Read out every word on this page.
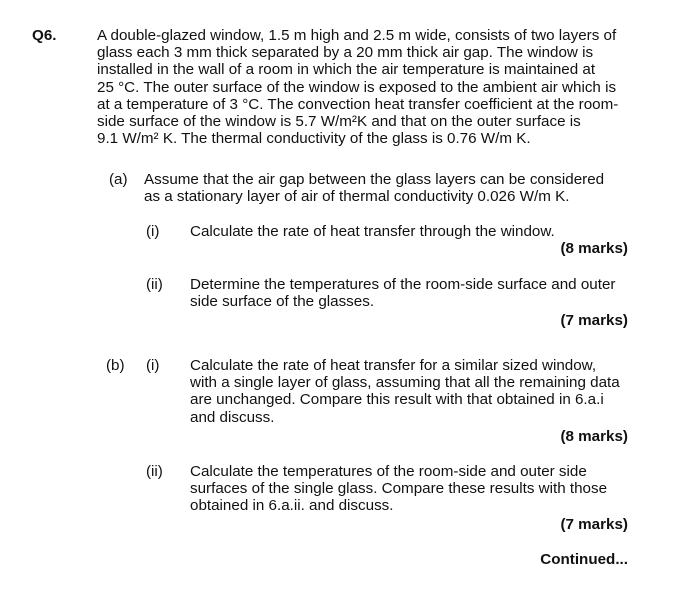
Q6.	A double-glazed window, 1.5 m high and 2.5 m wide, consists of two layers of
glass each 3 mm thick separated by a 20 mm thick air gap. The window is
installed in the wall of a room in which the air temperature is maintained at
25 °C. The outer surface of the window is exposed to the ambient air which is
at a temperature of 3 °C. The convection heat transfer coefficient at the room-
side surface of the window is 5.7 W/m²K and that on the outer surface is
9.1 W/m² K. The thermal conductivity of the glass is 0.76 W/m K.
(a) Assume that the air gap between the glass layers can be considered
as a stationary layer of air of thermal conductivity 0.026 W/m K.
(i) Calculate the rate of heat transfer through the window.
(8 marks)
(ii) Determine the temperatures of the room-side surface and outer
side surface of the glasses.
(7 marks)
(b) (i) Calculate the rate of heat transfer for a similar sized window,
with a single layer of glass, assuming that all the remaining data
are unchanged. Compare this result with that obtained in 6.a.i
and discuss.
(8 marks)
(ii) Calculate the temperatures of the room-side and outer side
surfaces of the single glass. Compare these results with those
obtained in 6.a.ii. and discuss.
(7 marks)
Continued...
